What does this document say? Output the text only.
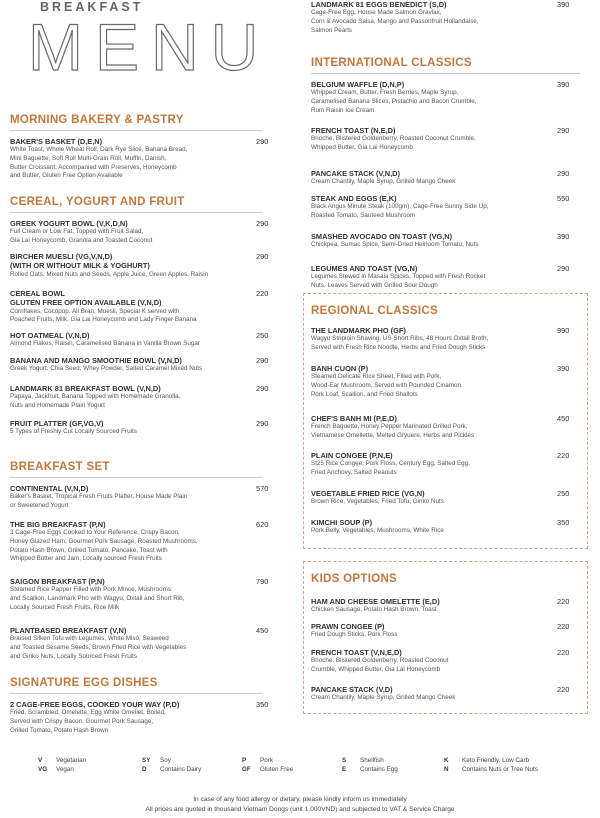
BREAKFAST
MENU
MORNING BAKERY & PASTRY
BAKER'S BASKET (D,E,N)
White Toast, Whole Wheat Roll, Dark Rye Slice, Banana Bread,
Mini Baguette, Soft Roll Multi-Grain Roll, Muffin, Danish,
Butter Croissant, Accompanied with Preserves, Honeycomb
and Butter, Gluten Free Option Available
290
CEREAL, YOGURT AND FRUIT
GREEK YOGURT BOWL (V,K,D,N)
Full Cream or Low Fat, Topped with Fruit Salad,
Gia Lai Honeycomb, Granola and Toasted Coconut
290
BIRCHER MUESLI (VG,V,N,D)
(WITH OR WITHOUT MILK & YOGHURT)
Rolled Oats, Mixed Nuts and Seeds, Apple Juice, Green Apples, Raisin
290
CEREAL BOWL
GLUTEN FREE OPTION AVAILABLE (V,N,D)
Cornflakes, Cocopop, All Bran, Muesli, Special K served with
Poached Fruits, Milk, Gia Lai Honeycomb and Lady Finger Banana
220
HOT OATMEAL (V,N,D)
Almond Flakes, Raisin, Caramelised Banana in Vanilla Brown Sugar
250
BANANA AND MANGO SMOOTHIE BOWL (V,N,D)
Greek Yogurt, Chia Seed, Whey Powder, Salted Caramel Mixed Nuts
290
LANDMARK 81 BREAKFAST BOWL (V,N,D)
Papaya, Jackfruit, Banana Topped with Homemade Granolla,
Nuts and Homemade Plain Yogurt
290
FRUIT PLATTER (GF,VG,V)
5 Types of Freshly Cut Locally Sourced Fruits
290
BREAKFAST SET
CONTINENTAL (V,N,D)
Baker's Basket, Tropical Fresh Fruits Platter, House Made Plain
or Sweetened Yogurt
570
THE BIG BREAKFAST (P,N)
3 Cage-Free Eggs Cooked to Your Reference, Crispy Bacon,
Honey Glazed Ham, Gourmet Pork Sausage, Roasted Mushrooms,
Potato Hash Brown, Grilled Tomato, Pancake, Toast with
Whipped Butter and Jam, Locally sourced Fresh Fruits
620
SAIGON BREAKFAST (P,N)
Steamed Rice Papper Filled with Pork Mince, Mushrooms
and Scallion, Landmark Pho with Wagyu, Oxtail and Short Rib,
Locally Sourced Fresh Fruits, Rice Milk
790
PLANTBASED BREAKFAST (V,N)
Braised Silken Tofu with Legumes, White Miso, Seaweed
and Toasted Sesame Seeds, Brown Fried Rice with Vegetables
and Ginko Nuts, Locally Sourced Fresh Fruits
450
SIGNATURE EGG DISHES
2 CAGE-FREE EGGS, COOKED YOUR WAY (P,D)
Fried, Scrambled, Omelette, Egg White Omellet, Boiled,
Served with Crispy Bacon, Gourmet Pork Sausage,
Grilled Tomato, Potato Hash Brown
350
LANDMARK 81 EGGS BENEDICT (S,D)
Cage-Free Egg, House Made Salmon Gravlax,
Corn & Avocado Salsa, Mango and Passonfruit Hollandaise,
Salmon Pearls
390
INTERNATIONAL CLASSICS
BELGIUM WAFFLE (D,N,P)
Whipped Cream, Butter, Fresh Berries, Maple Syrup,
Caramelised Banana Slices, Pistachio and Bacon Crumble,
Rum Raisin Ice Cream
390
FRENCH TOAST (N,E,D)
Brioche, Blistered Goldenberry, Roasted Coconut Crumble,
Whipped Butter, Gia Lai Honeycomb
290
PANCAKE STACK (V,N,D)
Cream Chantily, Maple Syrup, Grilled Mango Cheek
290
STEAK AND EGGS (E,K)
Black Angus Minute Steak (100gm), Cage-Free Sunny Side Up,
Roasted Tomato, Sauteed Mushroom
550
SMASHED AVOCADO ON TOAST (VG,N)
Chickpea, Sumac Spice, Semi-Dried Heirloom Tomato, Nuts
390
LEGUMES AND TOAST (VG,N)
Legumes Stewed in Masala Spices, Topped with Fresh Rocket
Nuts, Leaves Served with Grilled Sour Dough
290
REGIONAL CLASSICS
THE LANDMARK PHO (GF)
Wagyu Striploin Shaving, US Short Ribs, 48 Hours Oxtail Broth,
Served with Fresh Rice Noodle, Herbs and Fried Dough Sticks
990
BANH CUON (P)
Steamed Delicate Rice Sheet, Filled with Pork,
Wood-Ear Mushroom, Served with Pounded Cinamon
Pork Loaf, Scallion, and Fried Shallots
390
CHEF'S BANH MI (P,E,D)
French Baguette, Honey Pepper Marinated Grilled Pork,
Vietnamese Omellette, Melted Gryuere, Herbs and Pickles
450
PLAIN CONGEE (P,N,E)
St25 Rice Congee, Pork Floss, Century Egg, Salted Egg,
Fried Anchovy, Salted Peanuts
220
VEGETABLE FRIED RICE (VG,N)
Brown Rice, Vegetables, Fried Tofu, Ginko Nuts
250
KIMCHI SOUP (P)
Pork Belly, Vegetables, Mushrooms, White Rice
350
KIDS OPTIONS
HAM AND CHEESE OMELETTE (E,D)
Chicken Sausage, Potato Hash Brown, Toast
220
PRAWN CONGEE (P)
Fried Dough Sticks, Pork Floss
220
FRENCH TOAST (V,N,E,D)
Brioche, Blistered Goldenberry, Roasted Coconut
Crumble, Whipped Butter, Gia Lai Honeycomb
220
PANCAKE STACK (V,D)
Cream Chantily, Maple Syrup, Grilled Mango Cheek
220
V Vegetarian
VG Vegan
SY Soy
D Contains Dairy
P Pork
GF Gluten Free
S Shellfish
E Contains Egg
K Keto Friendly, Low Carb
N Contains Nuts or Tree Nuts
In case of any food allergy or dietary, please kindly inform us immediately
All prices are quoted in thousand Vietnam Dongs (unit 1.000VND) and subjected to VAT & Service Charge
